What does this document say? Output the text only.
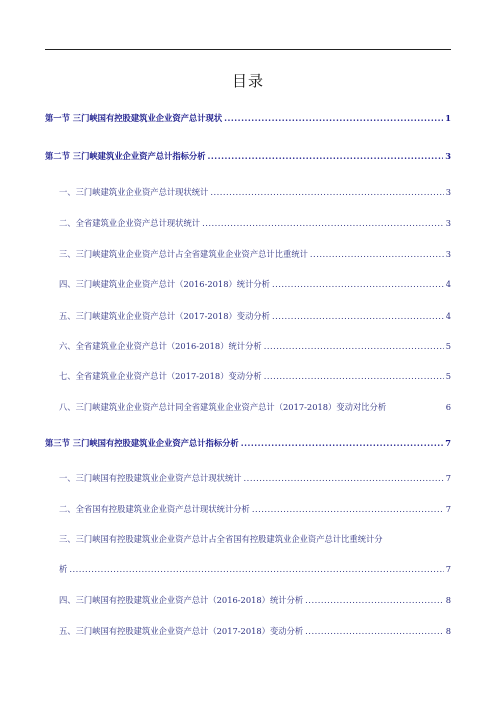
目录
第一节 三门峡国有控股建筑业企业资产总计现状 .....	1
第二节 三门峡建筑业企业资产总计指标分析 .....	3
一、三门峡建筑业企业资产总计现状统计 .....	3
二、全省建筑业企业资产总计现状统计 .....	3
三、三门峡建筑业企业资产总计占全省建筑业企业资产总计比重统计 .....	3
四、三门峡建筑业企业资产总计（2016-2018）统计分析 .....	4
五、三门峡建筑业企业资产总计（2017-2018）变动分析 .....	4
六、全省建筑业企业资产总计（2016-2018）统计分析 .....	5
七、全省建筑业企业资产总计（2017-2018）变动分析 .....	5
八、三门峡建筑业企业资产总计同全省建筑业企业资产总计（2017-2018）变动对比分析	6
第三节 三门峡国有控股建筑业企业资产总计指标分析 .....	7
一、三门峡国有控股建筑业企业资产总计现状统计 .....	7
二、全省国有控股建筑业企业资产总计现状统计分析 .....	7
三、三门峡国有控股建筑业企业资产总计占全省国有控股建筑业企业资产总计比重统计分
析 .....	7
四、三门峡国有控股建筑业企业资产总计（2016-2018）统计分析 .....	8
五、三门峡国有控股建筑业企业资产总计（2017-2018）变动分析 .....	8
